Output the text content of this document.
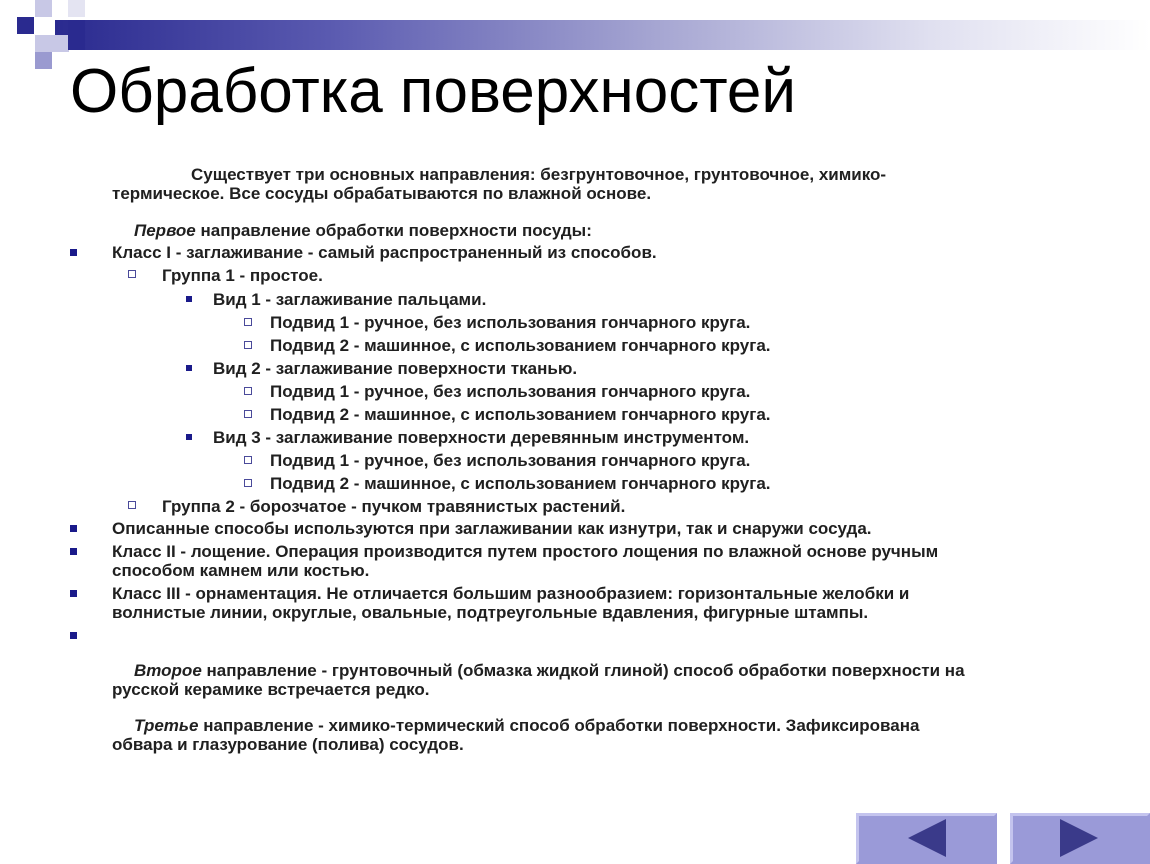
Обработка поверхностей
Существует три основных направления: безгрунтовочное, грунтовочное, химико-
термическое. Все сосуды обрабатываются по влажной основе.
Первое направление обработки поверхности посуды:
Класс I - заглаживание - самый распространенный из способов.
Группа 1 - простое.
Вид 1 - заглаживание пальцами.
Подвид 1 - ручное, без использования гончарного круга.
Подвид 2 - машинное, с использованием гончарного круга.
Вид 2 - заглаживание поверхности тканью.
Подвид 1 - ручное, без использования гончарного круга.
Подвид 2 - машинное, с использованием гончарного круга.
Вид 3 - заглаживание поверхности деревянным инструментом.
Подвид 1 - ручное, без использования гончарного круга.
Подвид 2 - машинное, с использованием гончарного круга.
Группа 2 - борозчатое - пучком травянистых растений.
Описанные способы используются при заглаживании как изнутри, так и снаружи сосуда.
Класс II - лощение. Операция производится путем простого лощения по влажной основе ручным
способом камнем или костью.
Класс III - орнаментация. Не отличается большим разнообразием: горизонтальные желобки и
волнистые линии, округлые, овальные, подтреугольные вдавления, фигурные штампы.
Второе направление - грунтовочный (обмазка жидкой глиной) способ обработки поверхности на
русской керамике встречается редко.
Третье направление - химико-термический способ обработки поверхности. Зафиксирована
обвара и глазурование (полива) сосудов.
